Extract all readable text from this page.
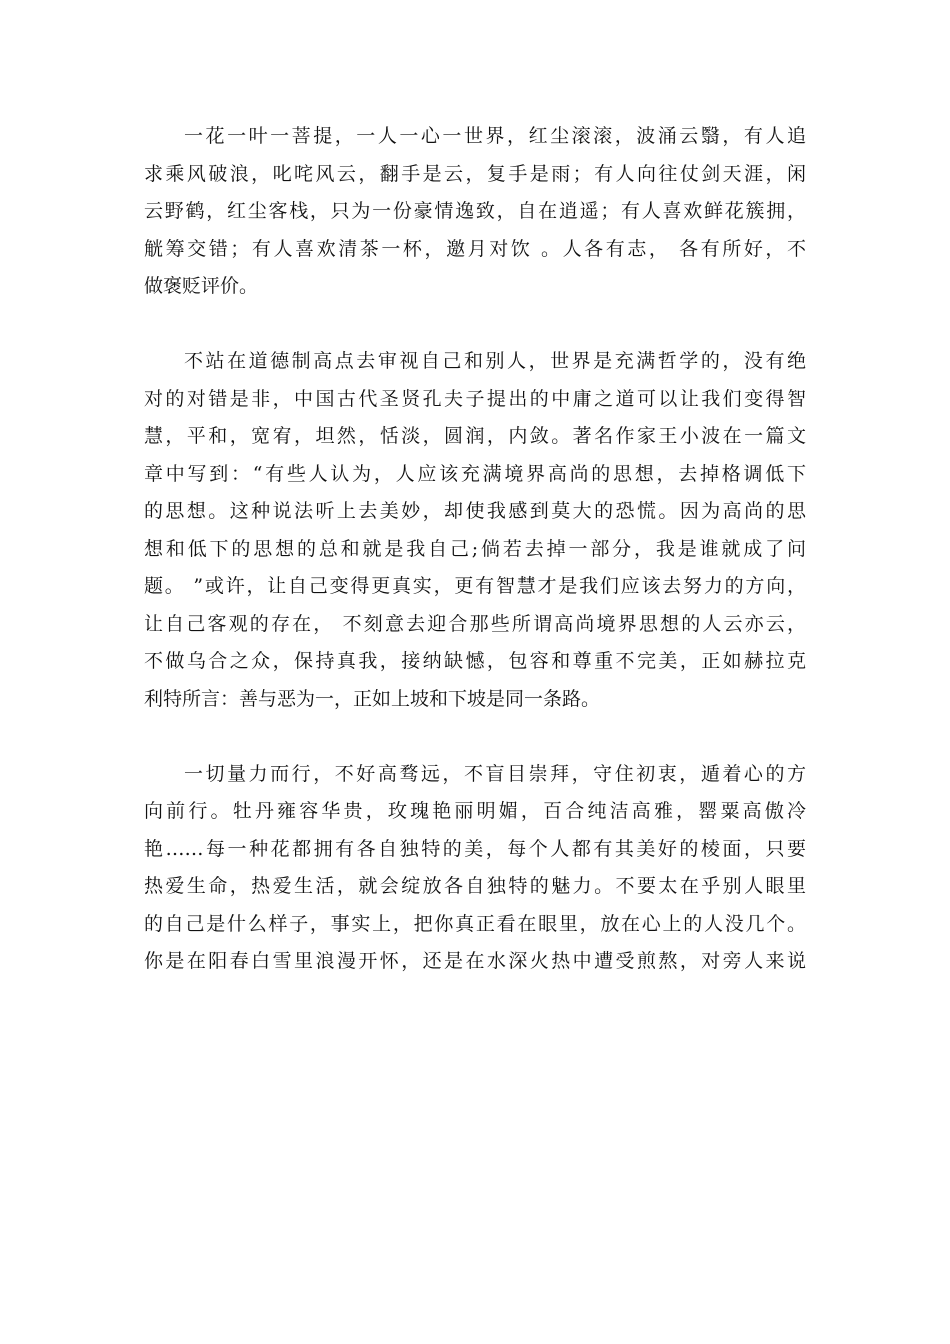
一花一叶一菩提，一人一心一世界，红尘滚滚，波涌云翳，有人追
求乘风破浪，叱咤风云，翻手是云，复手是雨；有人向往仗剑天涯，闲
云野鹤，红尘客栈，只为一份豪情逸致，自在逍遥；有人喜欢鲜花簇拥，
觥筹交错；有人喜欢清茶一杯，邀月对饮 。人各有志， 各有所好，不
做褒贬评价。
不站在道德制高点去审视自己和别人，世界是充满哲学的，没有绝
对的对错是非，中国古代圣贤孔夫子提出的中庸之道可以让我们变得智
慧，平和，宽宥，坦然，恬淡，圆润，内敛。著名作家王小波在一篇文
章中写到：“有些人认为，人应该充满境界高尚的思想，去掉格调低下
的思想。这种说法听上去美妙，却使我感到莫大的恐慌。因为高尚的思
想和低下的思想的总和就是我自己;倘若去掉一部分，我是谁就成了问
题。 ”或许，让自己变得更真实，更有智慧才是我们应该去努力的方向，
让自己客观的存在， 不刻意去迎合那些所谓高尚境界思想的人云亦云，
不做乌合之众，保持真我，接纳缺憾，包容和尊重不完美，正如赫拉克
利特所言：善与恶为一，正如上坡和下坡是同一条路。
一切量力而行，不好高骛远，不盲目崇拜，守住初衷，遁着心的方
向前行。牡丹雍容华贵，玫瑰艳丽明媚，百合纯洁高雅，罂粟高傲冷
艳……每一种花都拥有各自独特的美，每个人都有其美好的棱面，只要
热爱生命，热爱生活，就会绽放各自独特的魅力。不要太在乎别人眼里
的自己是什么样子，事实上，把你真正看在眼里，放在心上的人没几个。
你是在阳春白雪里浪漫开怀，还是在水深火热中遭受煎熬，对旁人来说
